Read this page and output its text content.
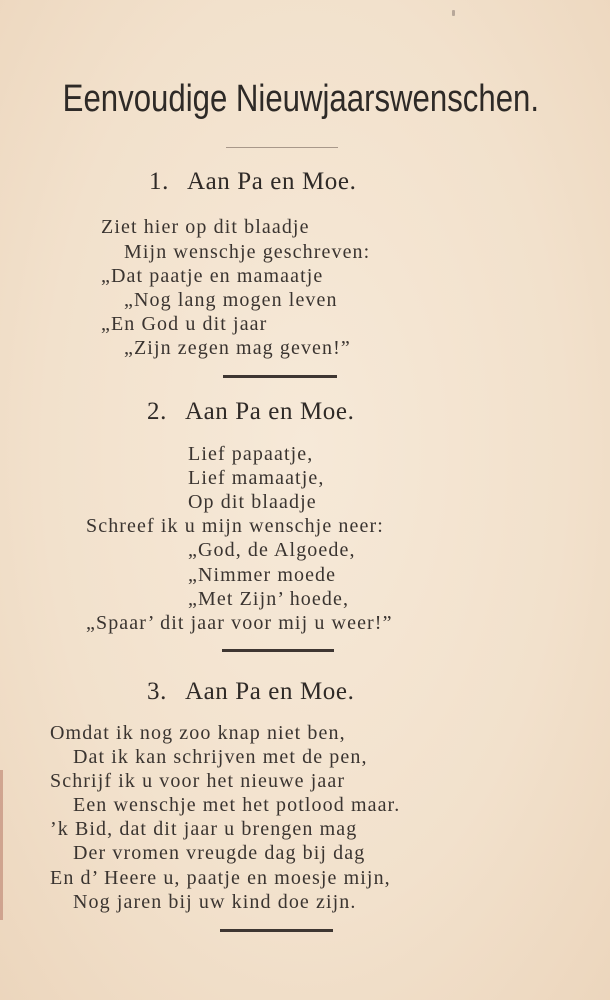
Eenvoudige Nieuwjaarswenschen.
1. Aan Pa en Moe.
Ziet hier op dit blaadje
Mijn wenschje geschreven:
„Dat paatje en mamaatje
„Nog lang mogen leven
„En God u dit jaar
„Zijn zegen mag geven!”
2. Aan Pa en Moe.
Lief papaatje,
Lief mamaatje,
Op dit blaadje
Schreef ik u mijn wenschje neer:
„God, de Algoede,
„Nimmer moede
„Met Zijn’ hoede,
„Spaar’ dit jaar voor mij u weer!”
3. Aan Pa en Moe.
Omdat ik nog zoo knap niet ben,
Dat ik kan schrijven met de pen,
Schrijf ik u voor het nieuwe jaar
Een wenschje met het potlood maar.
’k Bid, dat dit jaar u brengen mag
Der vromen vreugde dag bij dag
En d’ Heere u, paatje en moesje mijn,
Nog jaren bij uw kind doe zijn.
